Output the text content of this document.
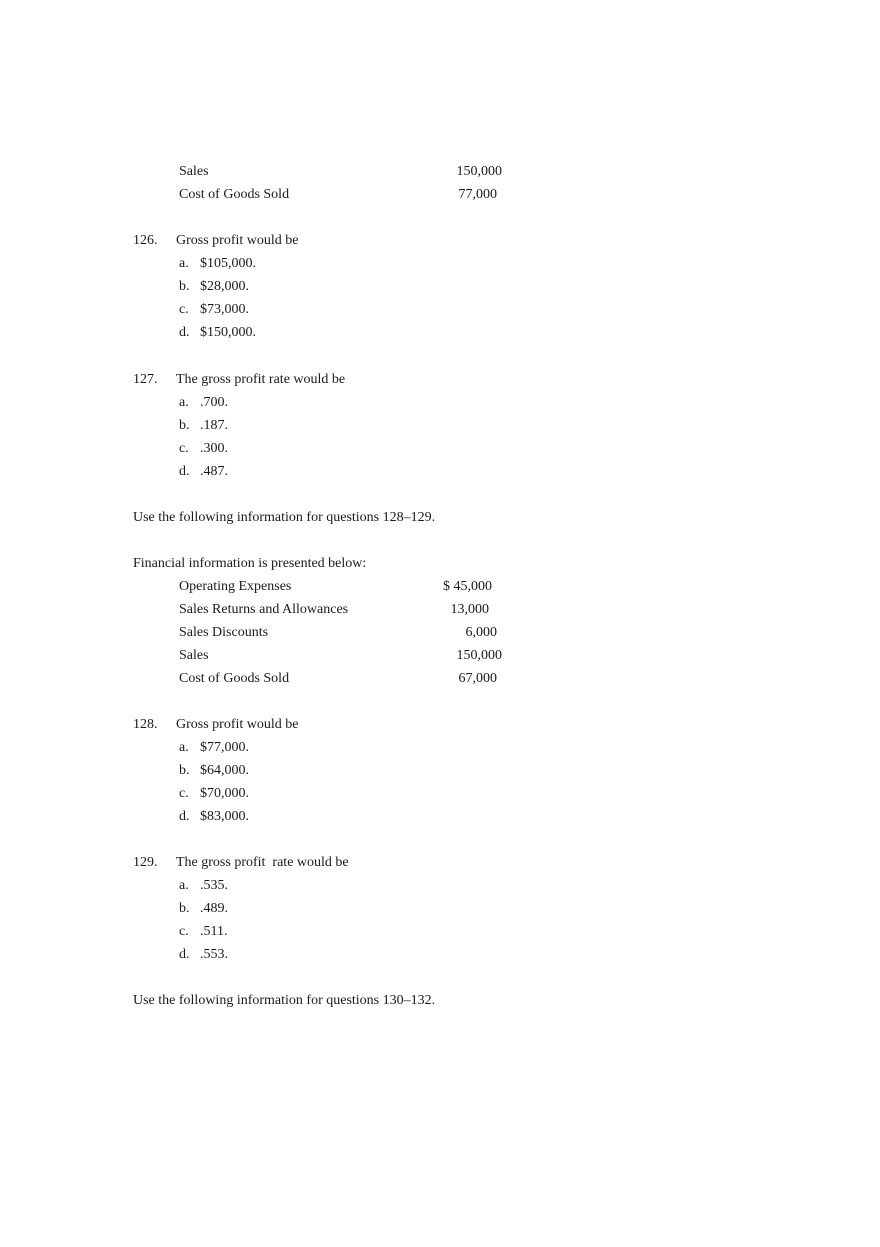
Sales	150,000
Cost of Goods Sold	77,000
126. Gross profit would be
a. $105,000.
b. $28,000.
c. $73,000.
d. $150,000.
127. The gross profit rate would be
a. .700.
b. .187.
c. .300.
d. .487.
Use the following information for questions 128–129.
Financial information is presented below:
Operating Expenses	$ 45,000
Sales Returns and Allowances	13,000
Sales Discounts	6,000
Sales	150,000
Cost of Goods Sold	67,000
128. Gross profit would be
a. $77,000.
b. $64,000.
c. $70,000.
d. $83,000.
129. The gross profit  rate would be
a. .535.
b. .489.
c. .511.
d. .553.
Use the following information for questions 130–132.
